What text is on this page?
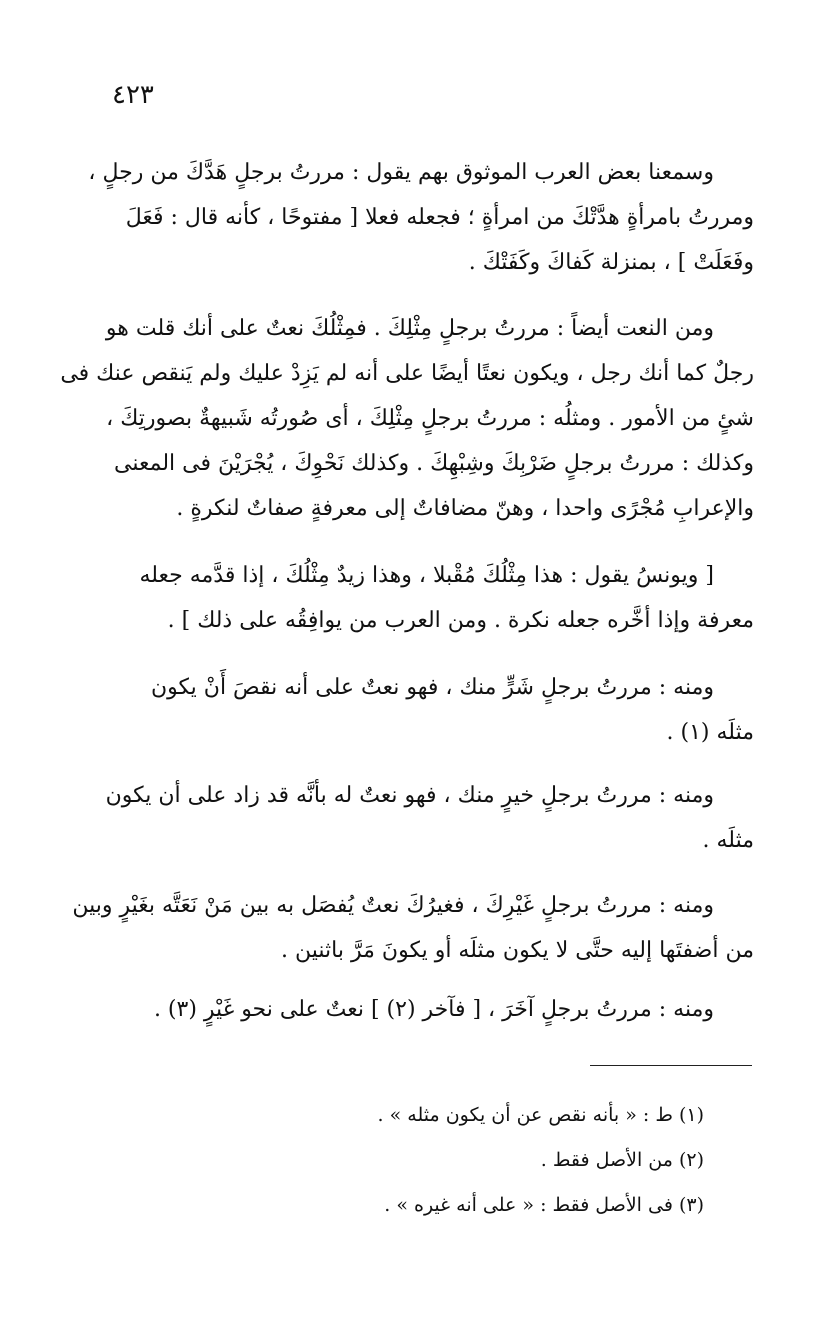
٤٢٣
وسمعنا بعض العرب الموثوق بهم يقول : مررتُ برجلٍ هَدَّكَ من رجلٍ ،
ومررتُ بامرأةٍ هدَّتْكَ من امرأةٍ ؛ فجعله فعلا [ مفتوحًا ، كأنه قال : فَعَلَ
وفَعَلَتْ ] ، بمنزلة كَفاكَ وكَفَتْكَ .
ومن النعت أيضاً : مررتُ برجلٍ مِثْلِكَ . فمِثْلُكَ نعتٌ على أنك قلت هو
رجلٌ كما أنك رجل ، ويكون نعتًا أيضًا على أنه لم يَزِدْ عليك ولم يَنقص عنك فى
شئٍ من الأمور . ومثلُه : مررتُ برجلٍ مِثْلِكَ ، أى صُورتُه شَبيهةٌ بصورتِكَ ،
وكذلك : مررتُ برجلٍ ضَرْبِكَ وشِبْهِكَ . وكذلك نَحْوِكَ ، يُجْرَيْنَ فى المعنى
والإعرابِ مُجْرًى واحدا ، وهنّ مضافاتٌ إلى معرفةٍ صفاتٌ لنكرةٍ .
[ ويونسُ يقول : هذا مِثْلُكَ مُقْبلا ، وهذا زيدٌ مِثْلُكَ ، إذا قدَّمه جعله
معرفة وإذا أخَّره جعله نكرة . ومن العرب من يوافِقُه على ذلك ] .
ومنه : مررتُ برجلٍ شَرٍّ منك ، فهو نعتٌ على أنه نقصَ أَنْ يكون
مثلَه (١) .
ومنه : مررتُ برجلٍ خيرٍ منك ، فهو نعتٌ له بأنَّه قد زاد على أن يكون
مثلَه .
ومنه : مررتُ برجلٍ غَيْرِكَ ، فغيرُكَ نعتٌ يُفصَل به بين مَنْ نَعَتَّه بغَيْرٍ وبين
من أضفتَها إليه حتَّى لا يكون مثلَه أو يكونَ مَرَّ باثنين .
ومنه : مررتُ برجلٍ آخَرَ ، [ فآخر (٢) ] نعتٌ على نحو غَيْرٍ (٣) .
(١) ط : « بأنه نقص عن أن يكون مثله » .
(٢) من الأصل فقط .
(٣) فى الأصل فقط : « على أنه غيره » .
